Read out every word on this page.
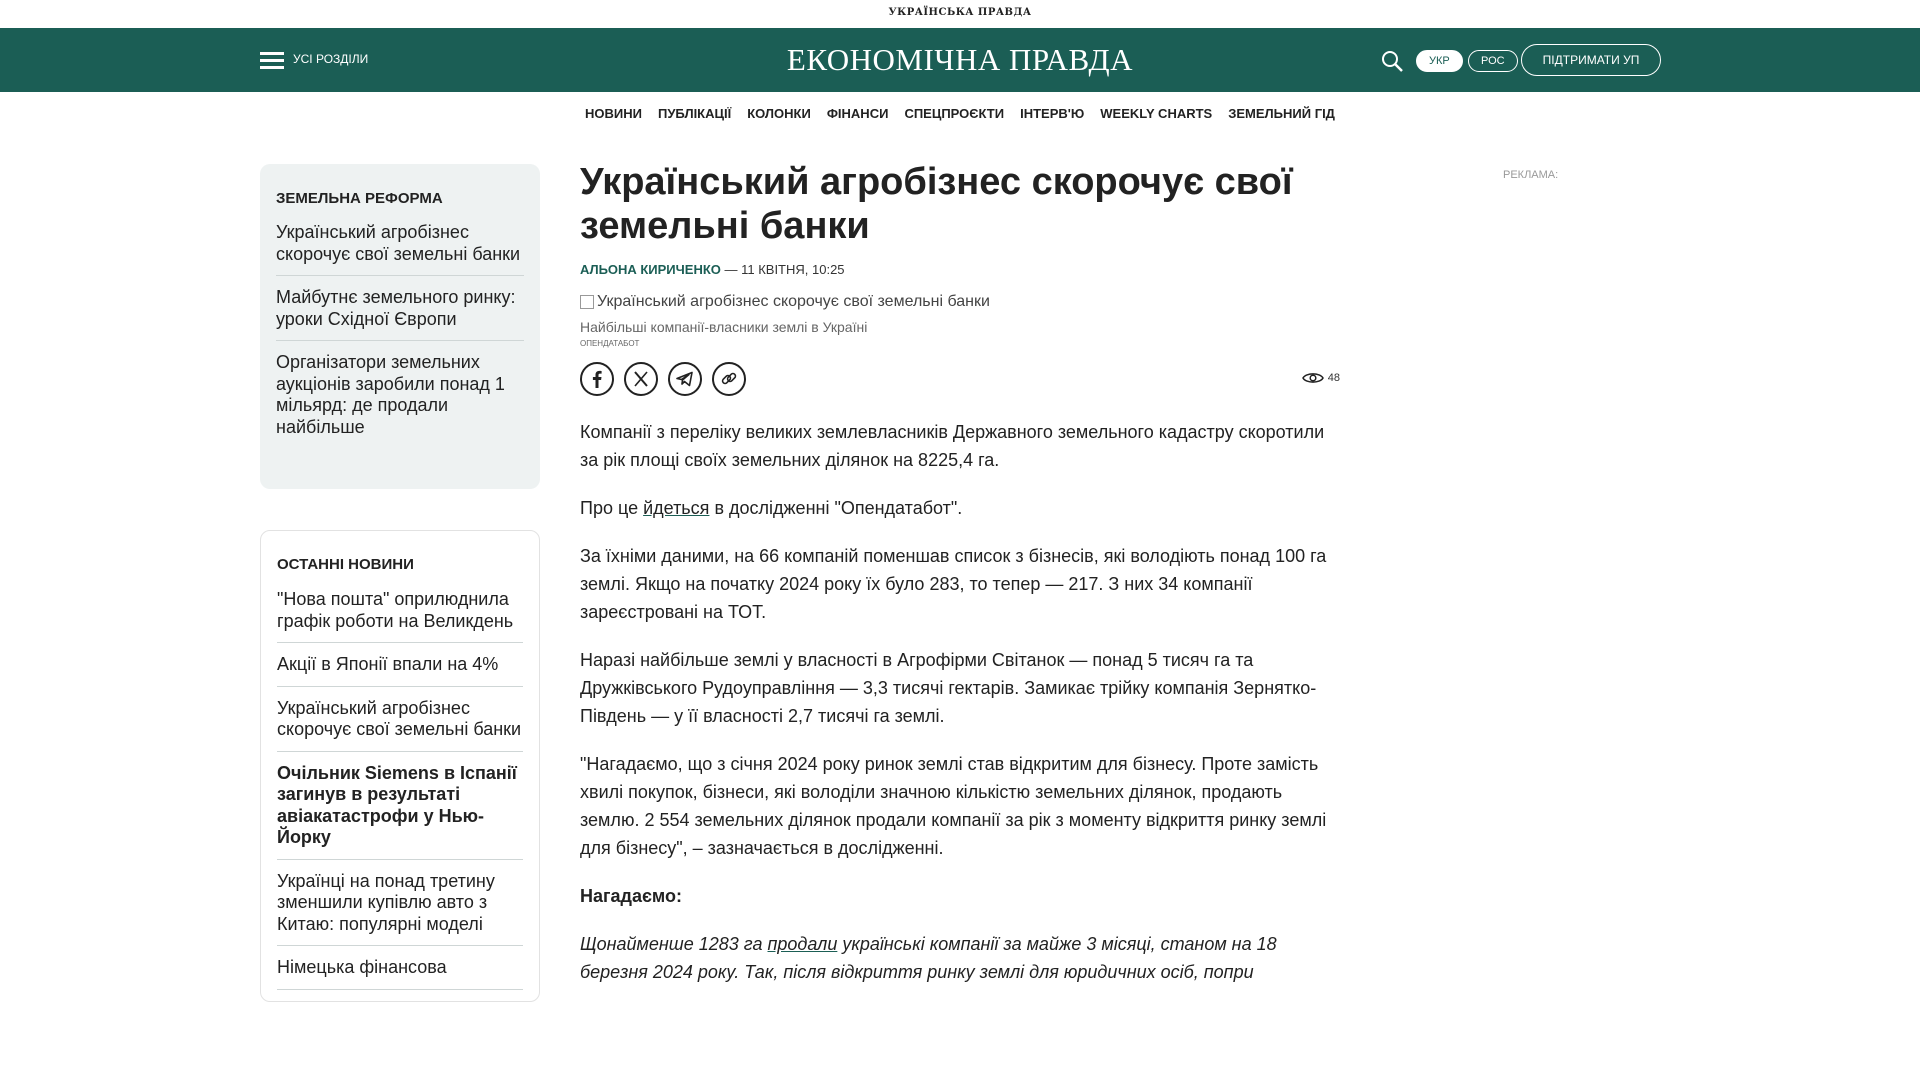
УКРАЇНСЬКА ПРАВДА
УСІ РОЗДІЛИ	ЕКОНОМІЧНА ПРАВДА	УКР	РОС	ПІДТРИМАТИ УП
НОВИНИ ПУБЛІКАЦІЇ КОЛОНКИ ФІНАНСИ СПЕЦПРОЄКТИ ІНТЕРВ'Ю WEEKLY CHARTS ЗЕМЕЛЬНИЙ ГІД
ЗЕМЕЛЬНА РЕФОРМА
Український агробізнес скорочує свої земельні банки
Майбутнє земельного ринку: уроки Східної Європи
Організатори земельних аукціонів заробили понад 1 мільярд: де продали найбільше
ОСТАННІ НОВИНИ
"Нова пошта" оприлюднила графік роботи на Великдень
Акції в Японії впали на 4%
Український агробізнес скорочує свої земельні банки
Очільник Siemens в Іспанії загинув в результаті авіакатастрофи у Нью-Йорку
Українці на понад третину зменшили купівлю авто з Китаю: популярні моделі
Німецька фінансова
Український агробізнес скорочує свої земельні банки
АЛЬОНА КИРИЧЕНКО — 11 КВІТНЯ, 10:25
Український агробізнес скорочує свої земельні банки
Найбільші компанії-власники землі в Україні
ОПЕНДАТАБОТ
48

Компанії з переліку великих землевласників Державного земельного кадастру скоротили за рік площі своїх земельних ділянок на 8225,4 га.

Про це йдеться в дослідженні "Опендатабот".

За їхніми даними, на 66 компаній поменшав список з бізнесів, які володіють понад 100 га землі. Якщо на початку 2024 року їх було 283, то тепер — 217. З них 34 компанії зареєстровані на ТОТ.

Наразі найбільше землі у власності в Агрофірми Світанок — понад 5 тисяч га та Дружківського Рудоуправління — 3,3 тисячі гектарів. Замикає трійку компанія Зернятко-Південь — у її власності 2,7 тисячі га землі.

"Нагадаємо, що з січня 2024 року ринок землі став відкритим для бізнесу. Проте замість хвилі покупок, бізнеси, які володіли значною кількістю земельних ділянок, продають землю. 2 554 земельних ділянок продали компанії за рік з моменту відкриття ринку землі для бізнесу", – зазначається в дослідженні.

Нагадаємо:

Щонайменше 1283 га продали українські компанії за майже 3 місяці, станом на 18 березня 2024 року. Так, після відкриття ринку землі для юридичних осіб, попри

РЕКЛАМА:
